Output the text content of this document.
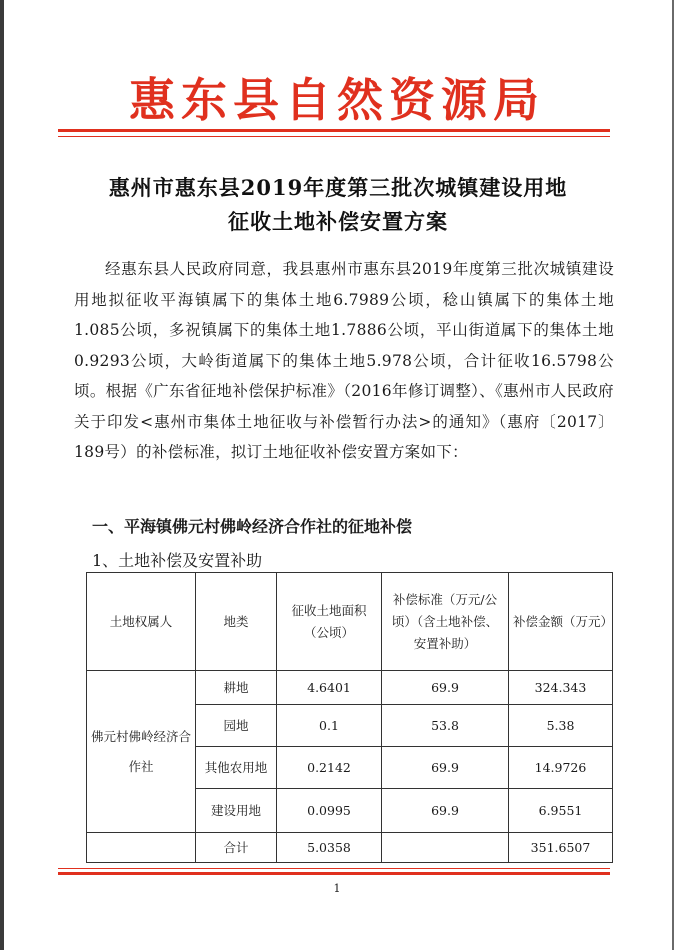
惠东县自然资源局
惠州市惠东县2019年度第三批次城镇建设用地
征收土地补偿安置方案
经惠东县人民政府同意，我县惠州市惠东县2019年度第三批次城镇建设用地拟征收平海镇属下的集体土地6.7989公顷，稔山镇属下的集体土地1.085公顷，多祝镇属下的集体土地1.7886公顷，平山街道属下的集体土地0.9293公顷，大岭街道属下的集体土地5.978公顷，合计征收16.5798公顷。根据《广东省征地补偿保护标准》（2016年修订调整）、《惠州市人民政府关于印发<惠州市集体土地征收与补偿暂行办法>的通知》（惠府〔2017〕189号）的补偿标准，拟订土地征收补偿安置方案如下：
一、平海镇佛元村佛岭经济合作社的征地补偿
1、土地补偿及安置补助
土地权属人	地类	征收土地面积（公顷）	补偿标准（万元/公顷）（含土地补偿、安置补助）	补偿金额（万元）
佛元村佛岭经济合作社	耕地	4.6401	69.9	324.343
	园地	0.1	53.8	5.38
	其他农用地	0.2142	69.9	14.9726
	建设用地	0.0995	69.9	6.9551
	合计	5.0358		351.6507
1
